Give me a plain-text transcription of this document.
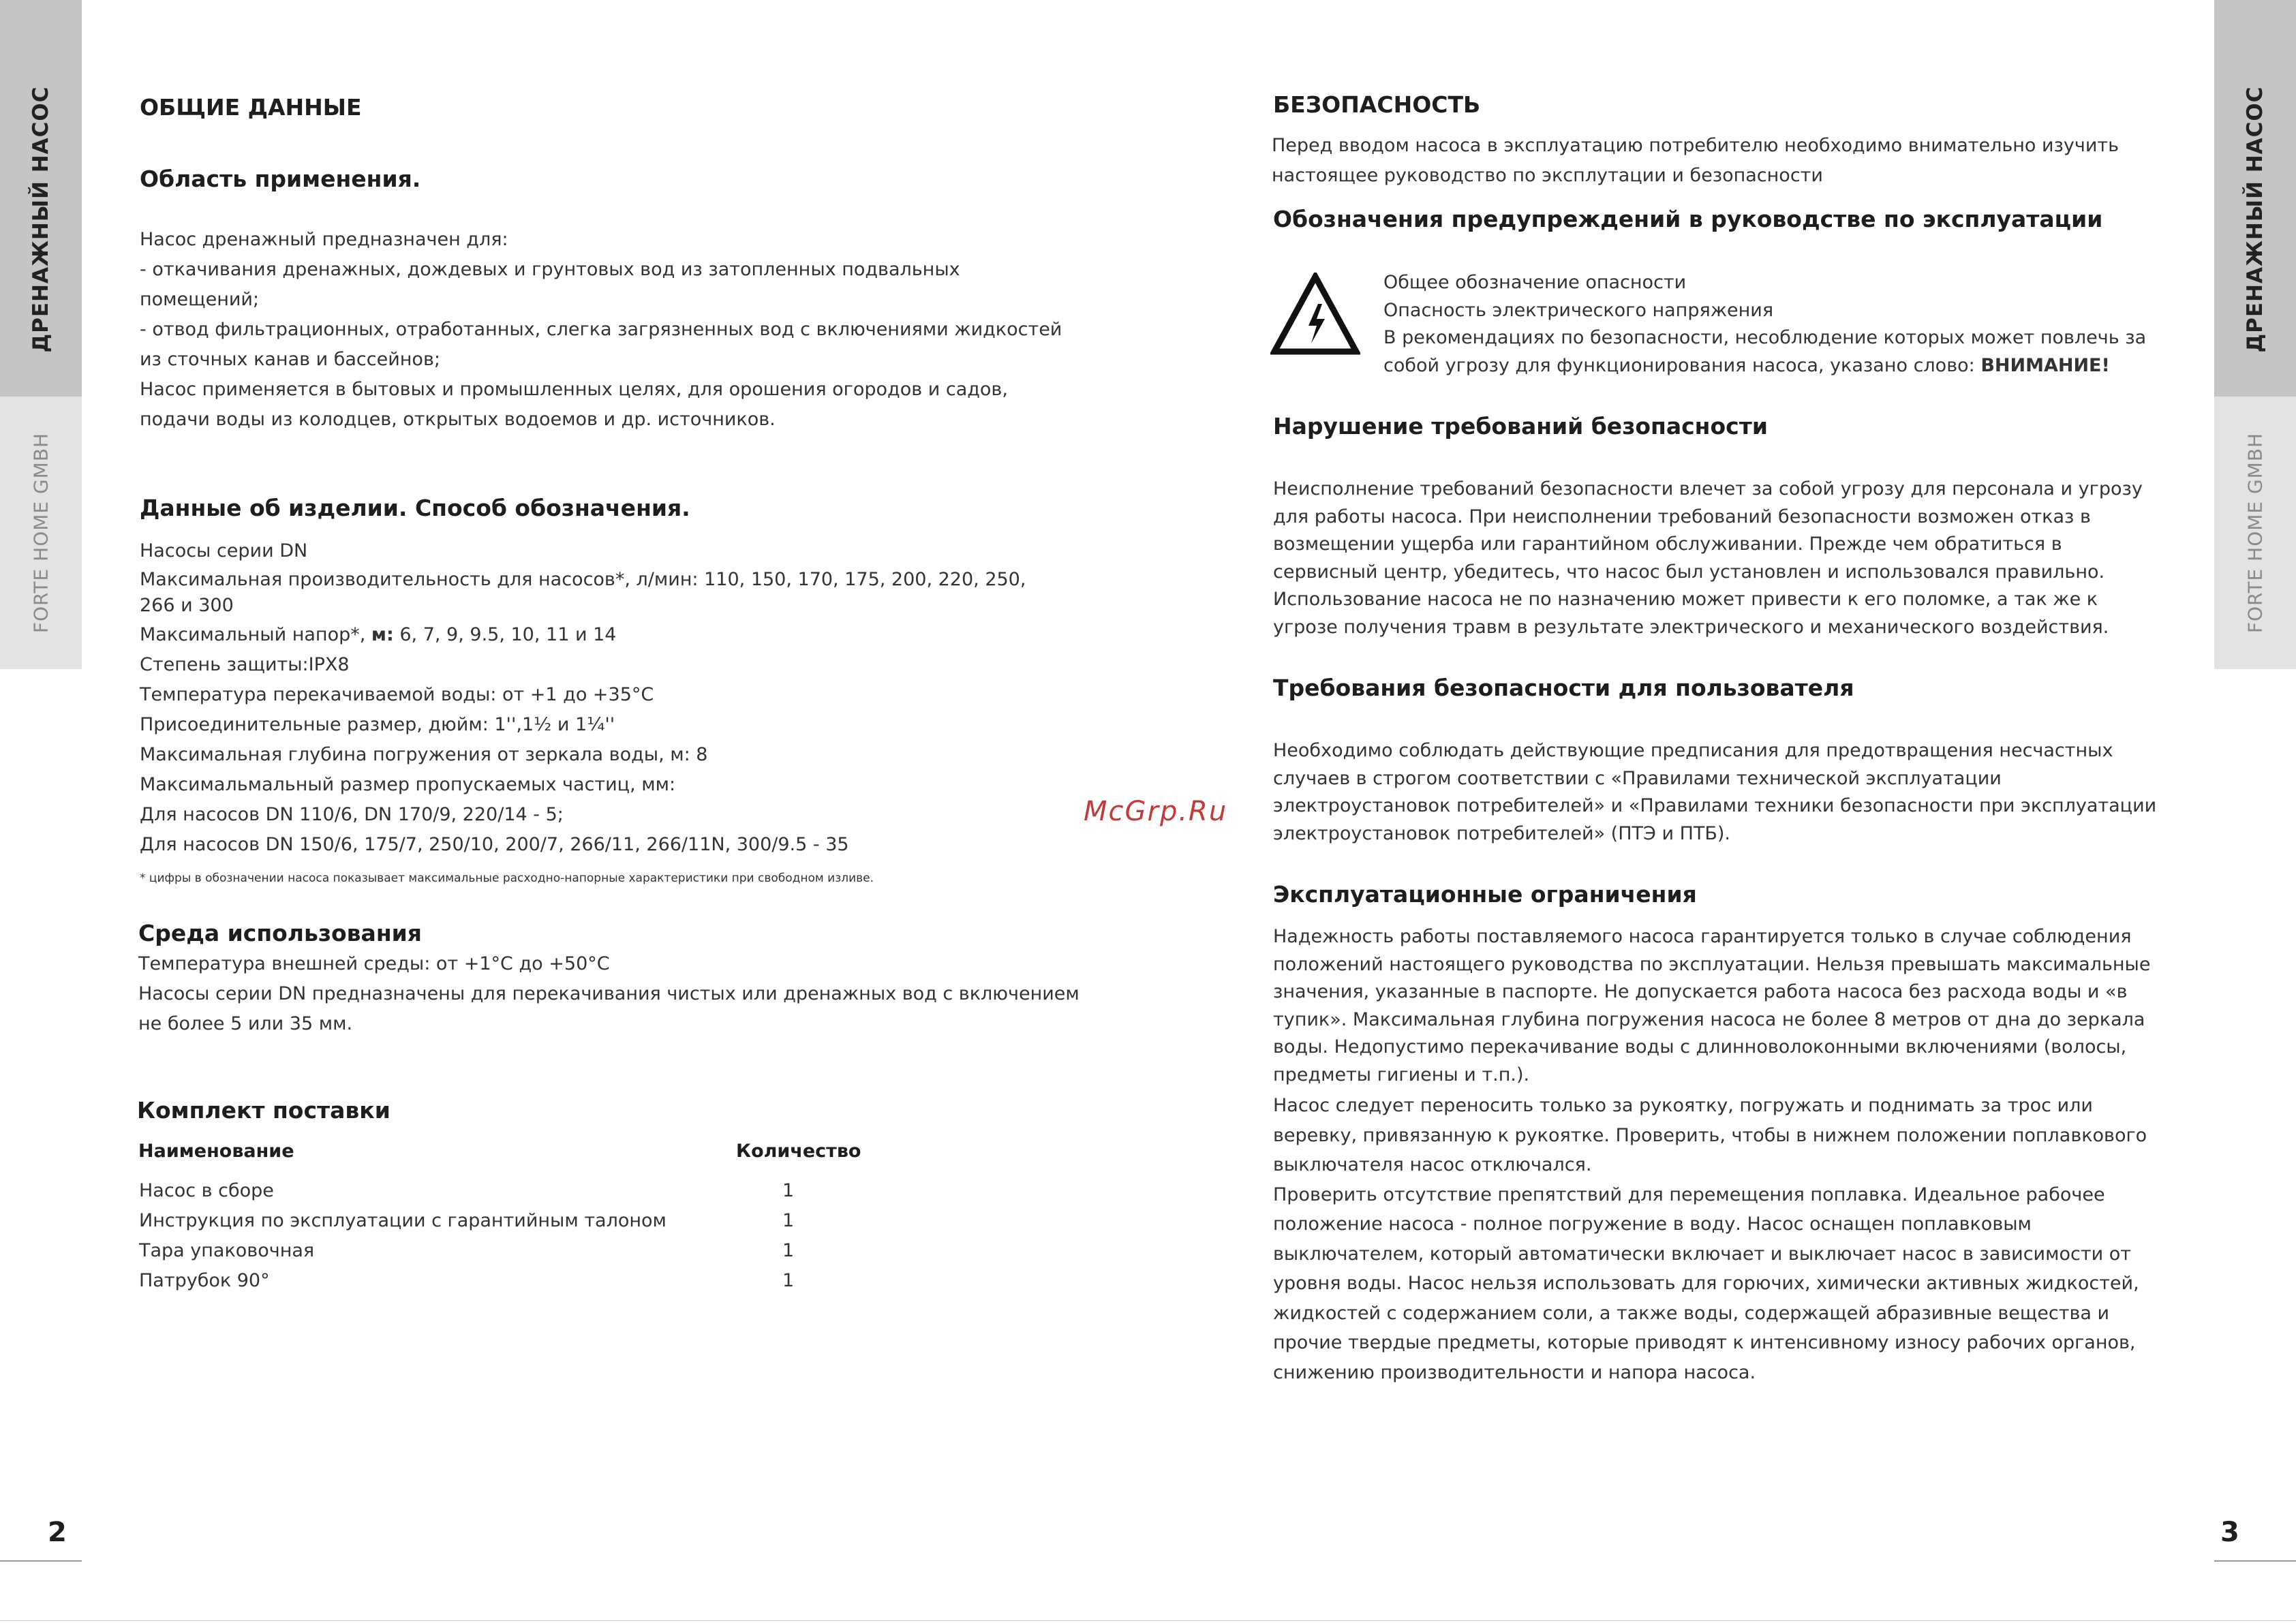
ДРЕНАЖНЫЙ НАСОС
FORTE HOME GMBH
ДРЕНАЖНЫЙ НАСОС
FORTE HOME GMBH
ОБЩИЕ ДАННЫЕ
Область применения.
Насос дренажный предназначен для:
- откачивания дренажных, дождевых и грунтовых вод из затопленных подвальных
помещений;
- отвод фильтрационных, отработанных, слегка загрязненных вод с включениями жидкостей
из сточных канав и бассейнов;
Насос применяется в бытовых и промышленных целях, для орошения огородов и садов,
подачи воды из колодцев, открытых водоемов и др. источников.
Данные об изделии. Способ обозначения.
Насосы серии DN
Максимальная производительность для насосов*, л/мин: 110, 150, 170, 175, 200, 220, 250,
266 и 300
Максимальный напор*, м: 6, 7, 9, 9.5, 10, 11 и 14
Степень защиты:IPX8
Температура перекачиваемой воды: от +1 до +35°С
Присоединительные размер, дюйм: 1'',1½ и 1¼''
Максимальная глубина погружения от зеркала воды, м: 8
Максимальмальный размер пропускаемых частиц, мм:
Для насосов DN 110/6, DN 170/9, 220/14 - 5;
Для насосов DN 150/6, 175/7, 250/10, 200/7, 266/11, 266/11N, 300/9.5 - 35
* цифры в обозначении насоса показывает максимальные расходно-напорные характеристики при свободном изливе.
Среда использования
Температура внешней среды: от +1°С до +50°С
Насосы серии DN предназначены для перекачивания чистых или дренажных вод с включением
не более 5 или 35 мм.
Комплект поставки
Наименование	Количество
Насос в сборе	1
Инструкция по эксплуатации с гарантийным талоном	1
Тара упаковочная	1
Патрубок 90°	1
McGrp.Ru
2
БЕЗОПАСНОСТЬ
Перед вводом насоса в эксплуатацию потребителю необходимо внимательно изучить
настоящее руководство по эксплутации и безопасности
Обозначения предупреждений в руководстве по эксплуатации
Общее обозначение опасности
Опасность электрического напряжения
В рекомендациях по безопасности, несоблюдение которых может повлечь за
собой угрозу для функционирования насоса, указано слово: ВНИМАНИЕ!
Нарушение требований безопасности
Неисполнение требований безопасности влечет за собой угрозу для персонала и угрозу
для работы насоса. При неисполнении требований безопасности возможен отказ в
возмещении ущерба или гарантийном обслуживании. Прежде чем обратиться в
сервисный центр, убедитесь, что насос был установлен и использовался правильно.
Использование насоса не по назначению может привести к его поломке, а так же к
угрозе получения травм в результате электрического и механического воздействия.
Требования безопасности для пользователя
Необходимо соблюдать действующие предписания для предотвращения несчастных
случаев в строгом соответствии с «Правилами технической эксплуатации
электроустановок потребителей» и «Правилами техники безопасности при эксплуатации
электроустановок потребителей» (ПТЭ и ПТБ).
Эксплуатационные ограничения
Надежность работы поставляемого насоса гарантируется только в случае соблюдения
положений настоящего руководства по эксплуатации. Нельзя превышать максимальные
значения, указанные в паспорте. Не допускается работа насоса без расхода воды и «в
тупик». Максимальная глубина погружения насоса не более 8 метров от дна до зеркала
воды. Недопустимо перекачивание воды с длинноволоконными включениями (волосы,
предметы гигиены и т.п.).
Насос следует переносить только за рукоятку, погружать и поднимать за трос или
веревку, привязанную к рукоятке. Проверить, чтобы в нижнем положении поплавкового
выключателя насос отключался.
Проверить отсутствие препятствий для перемещения поплавка. Идеальное рабочее
положение насоса - полное погружение в воду. Насос оснащен поплавковым
выключателем, который автоматически включает и выключает насос в зависимости от
уровня воды. Насос нельзя использовать для горючих, химически активных жидкостей,
жидкостей с содержанием соли, а также воды, содержащей абразивные вещества и
прочие твердые предметы, которые приводят к интенсивному износу рабочих органов,
снижению производительности и напора насоса.
3
